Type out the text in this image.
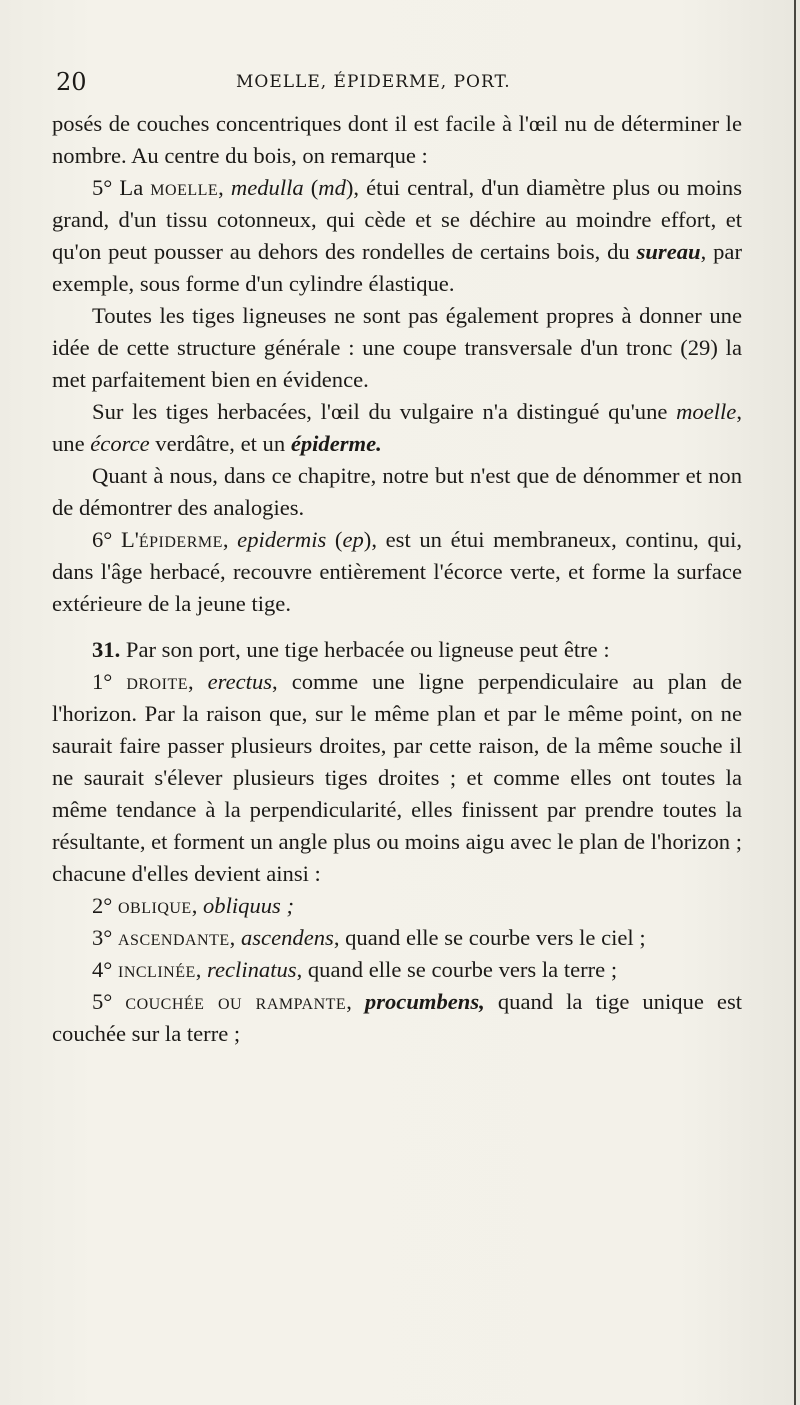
20	MOELLE, ÉPIDERME, PORT.

posés de couches concentriques dont il est facile à l'œil nu de déterminer le nombre. Au centre du bois, on remarque :

5° La moelle, medulla (md), étui central, d'un diamètre plus ou moins grand, d'un tissu cotonneux, qui cède et se déchire au moindre effort, et qu'on peut pousser au dehors des rondelles de certains bois, du sureau, par exemple, sous forme d'un cylindre élastique.

Toutes les tiges ligneuses ne sont pas également propres à donner une idée de cette structure générale : une coupe transversale d'un tronc (29) la met parfaitement bien en évidence.

Sur les tiges herbacées, l'œil du vulgaire n'a distingué qu'une moelle, une écorce verdâtre, et un épiderme.

Quant à nous, dans ce chapitre, notre but n'est que de dénommer et non de démontrer des analogies.

6° L'épiderme, epidermis (ep), est un étui membraneux, continu, qui, dans l'âge herbacé, recouvre entièrement l'écorce verte, et forme la surface extérieure de la jeune tige.

31. Par son port, une tige herbacée ou ligneuse peut être :

1° droite, erectus, comme une ligne perpendiculaire au plan de l'horizon. Par la raison que, sur le même plan et par le même point, on ne saurait faire passer plusieurs droites, par cette raison, de la même souche il ne saurait s'élever plusieurs tiges droites ; et comme elles ont toutes la même tendance à la perpendicularité, elles finissent par prendre toutes la résultante, et forment un angle plus ou moins aigu avec le plan de l'horizon ; chacune d'elles devient ainsi :

2° oblique, obliquus ;

3° ascendante, ascendens, quand elle se courbe vers le ciel ;

4° inclinée, reclinatus, quand elle se courbe vers la terre ;

5° couchée ou rampante, procumbens, quand la tige unique est couchée sur la terre ;
